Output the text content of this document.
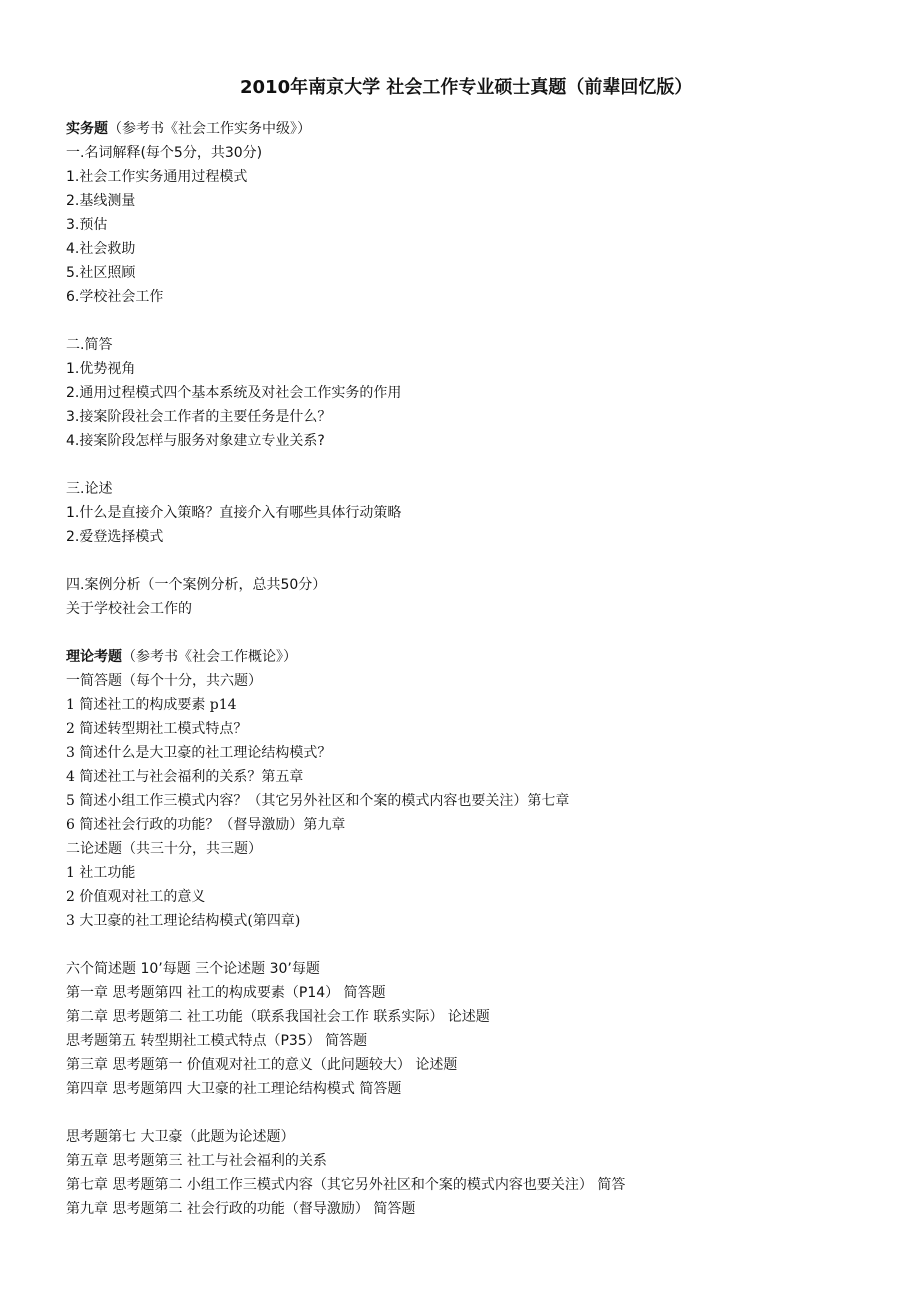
2010年南京大学 社会工作专业硕士真题（前辈回忆版）
实务题（参考书《社会工作实务中级》）
一.名词解释(每个5分，共30分)
1.社会工作实务通用过程模式
2.基线测量
3.预估
4.社会救助
5.社区照顾
6.学校社会工作
二.简答
1.优势视角
2.通用过程模式四个基本系统及对社会工作实务的作用
3.接案阶段社会工作者的主要任务是什么？
4.接案阶段怎样与服务对象建立专业关系?
三.论述
1.什么是直接介入策略？直接介入有哪些具体行动策略
2.爱登选择模式
四.案例分析（一个案例分析，总共50分）
关于学校社会工作的
理论考题（参考书《社会工作概论》）
一简答题（每个十分，共六题）
1 简述社工的构成要素 p14
2 简述转型期社工模式特点？
3 简述什么是大卫豪的社工理论结构模式？
4 简述社工与社会福利的关系？第五章
5 简述小组工作三模式内容？（其它另外社区和个案的模式内容也要关注）第七章
6 简述社会行政的功能？（督导激励）第九章
二论述题（共三十分，共三题）
1 社工功能
2 价值观对社工的意义
3 大卫豪的社工理论结构模式(第四章)
六个简述题 10’每题 三个论述题 30’每题
第一章 思考题第四 社工的构成要素（P14） 简答题
第二章 思考题第二 社工功能（联系我国社会工作 联系实际） 论述题
思考题第五 转型期社工模式特点（P35） 简答题
第三章 思考题第一 价值观对社工的意义（此问题较大） 论述题
第四章 思考题第四 大卫豪的社工理论结构模式 简答题
思考题第七 大卫豪（此题为论述题）
第五章 思考题第三 社工与社会福利的关系
第七章 思考题第二 小组工作三模式内容（其它另外社区和个案的模式内容也要关注） 简答
第九章 思考题第二 社会行政的功能（督导激励） 简答题
